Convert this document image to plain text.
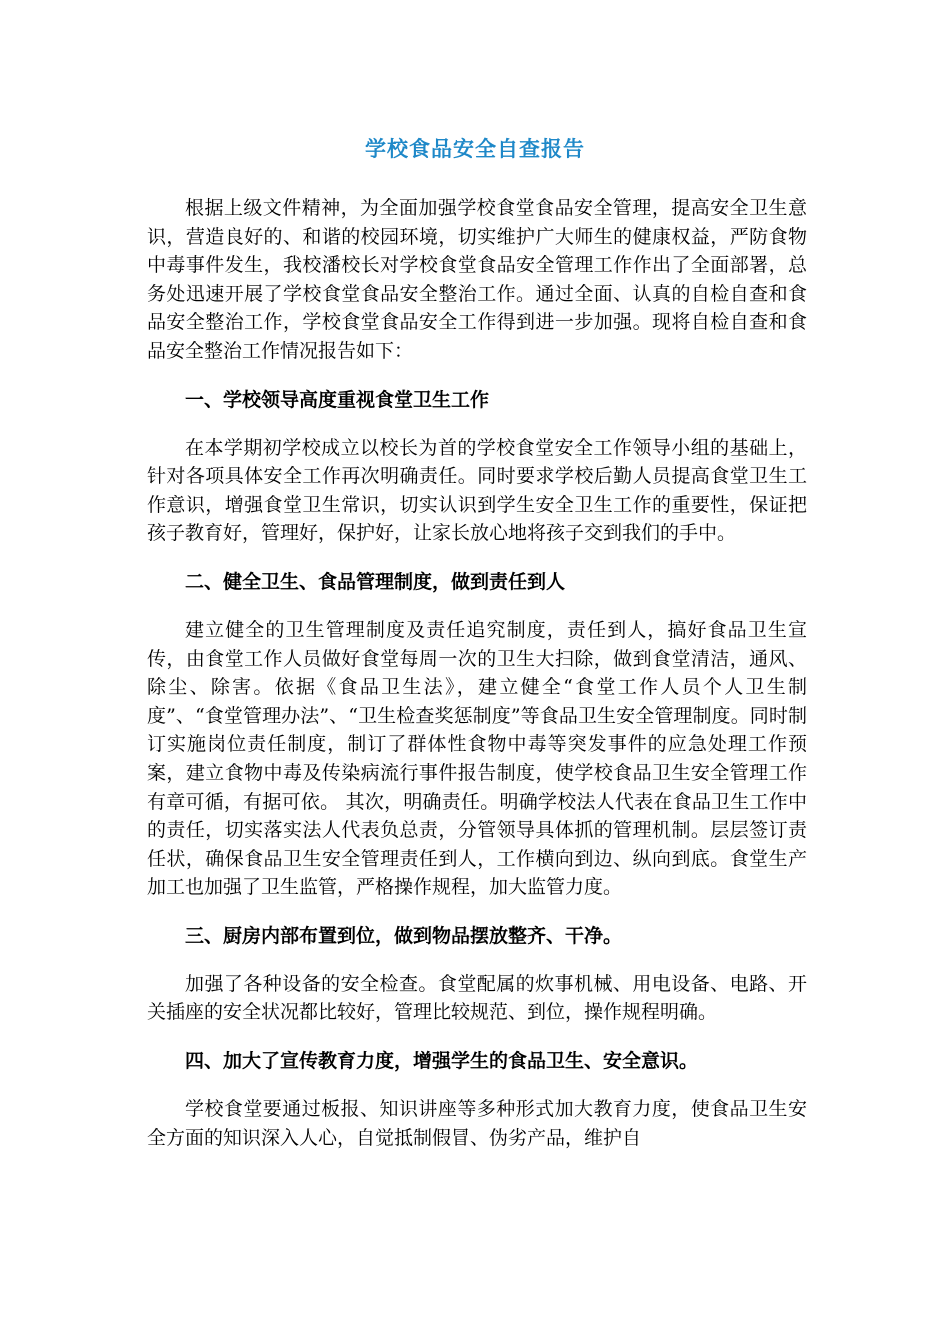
学校食品安全自查报告

根据上级文件精神，为全面加强学校食堂食品安全管理，提高安全卫生意识，营造良好的、和谐的校园环境，切实维护广大师生的健康权益，严防食物中毒事件发生，我校潘校长对学校食堂食品安全管理工作作出了全面部署，总务处迅速开展了学校食堂食品安全整治工作。通过全面、认真的自检自查和食品安全整治工作，学校食堂食品安全工作得到进一步加强。现将自检自查和食品安全整治工作情况报告如下：

一、学校领导高度重视食堂卫生工作

在本学期初学校成立以校长为首的学校食堂安全工作领导小组的基础上，针对各项具体安全工作再次明确责任。同时要求学校后勤人员提高食堂卫生工作意识，增强食堂卫生常识，切实认识到学生安全卫生工作的重要性，保证把孩子教育好，管理好，保护好，让家长放心地将孩子交到我们的手中。

二、健全卫生、食品管理制度，做到责任到人

建立健全的卫生管理制度及责任追究制度，责任到人，搞好食品卫生宣传，由食堂工作人员做好食堂每周一次的卫生大扫除，做到食堂清洁，通风、除尘、除害。依据《食品卫生法》，建立健全“食堂工作人员个人卫生制度”、“食堂管理办法”、“卫生检查奖惩制度”等食品卫生安全管理制度。同时制订实施岗位责任制度，制订了群体性食物中毒等突发事件的应急处理工作预案，建立食物中毒及传染病流行事件报告制度，使学校食品卫生安全管理工作有章可循，有据可依。 其次，明确责任。明确学校法人代表在食品卫生工作中的责任，切实落实法人代表负总责，分管领导具体抓的管理机制。层层签订责任状，确保食品卫生安全管理责任到人，工作横向到边、纵向到底。食堂生产加工也加强了卫生监管，严格操作规程，加大监管力度。

三、厨房内部布置到位，做到物品摆放整齐、干净。

加强了各种设备的安全检查。食堂配属的炊事机械、用电设备、电路、开关插座的安全状况都比较好，管理比较规范、到位，操作规程明确。

四、加大了宣传教育力度，增强学生的食品卫生、安全意识。

学校食堂要通过板报、知识讲座等多种形式加大教育力度，使食品卫生安全方面的知识深入人心，自觉抵制假冒、伪劣产品，维护自
